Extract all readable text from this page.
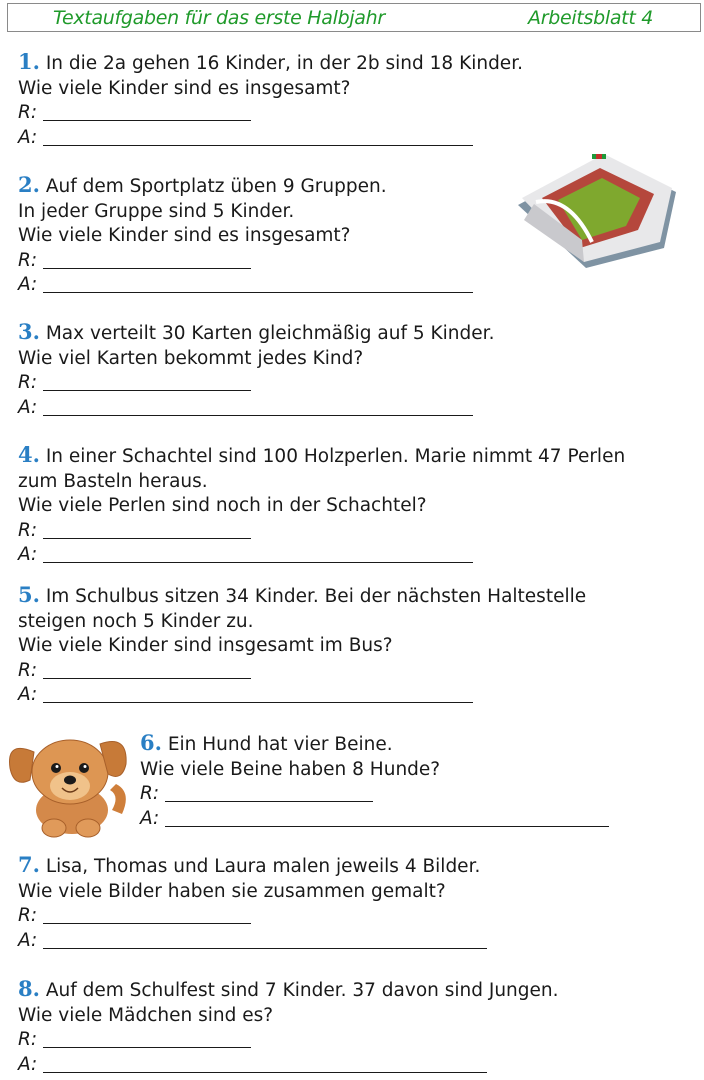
Textaufgaben für das erste Halbjahr	Arbeitsblatt 4
1. In die 2a gehen 16 Kinder, in der 2b sind 18 Kinder.
Wie viele Kinder sind es insgesamt?
R:
A:
2. Auf dem Sportplatz üben 9 Gruppen.
In jeder Gruppe sind 5 Kinder.
Wie viele Kinder sind es insgesamt?
R:
A:
3. Max verteilt 30 Karten gleichmäßig auf 5 Kinder.
Wie viel Karten bekommt jedes Kind?
R:
A:
4. In einer Schachtel sind 100 Holzperlen. Marie nimmt 47 Perlen
zum Basteln heraus.
Wie viele Perlen sind noch in der Schachtel?
R:
A:
5. Im Schulbus sitzen 34 Kinder. Bei der nächsten Haltestelle
steigen noch 5 Kinder zu.
Wie viele Kinder sind insgesamt im Bus?
R:
A:
6. Ein Hund hat vier Beine.
Wie viele Beine haben 8 Hunde?
R:
A:
7. Lisa, Thomas und Laura malen jeweils 4 Bilder.
Wie viele Bilder haben sie zusammen gemalt?
R:
A:
8. Auf dem Schulfest sind 7 Kinder. 37 davon sind Jungen.
Wie viele Mädchen sind es?
R:
A:
